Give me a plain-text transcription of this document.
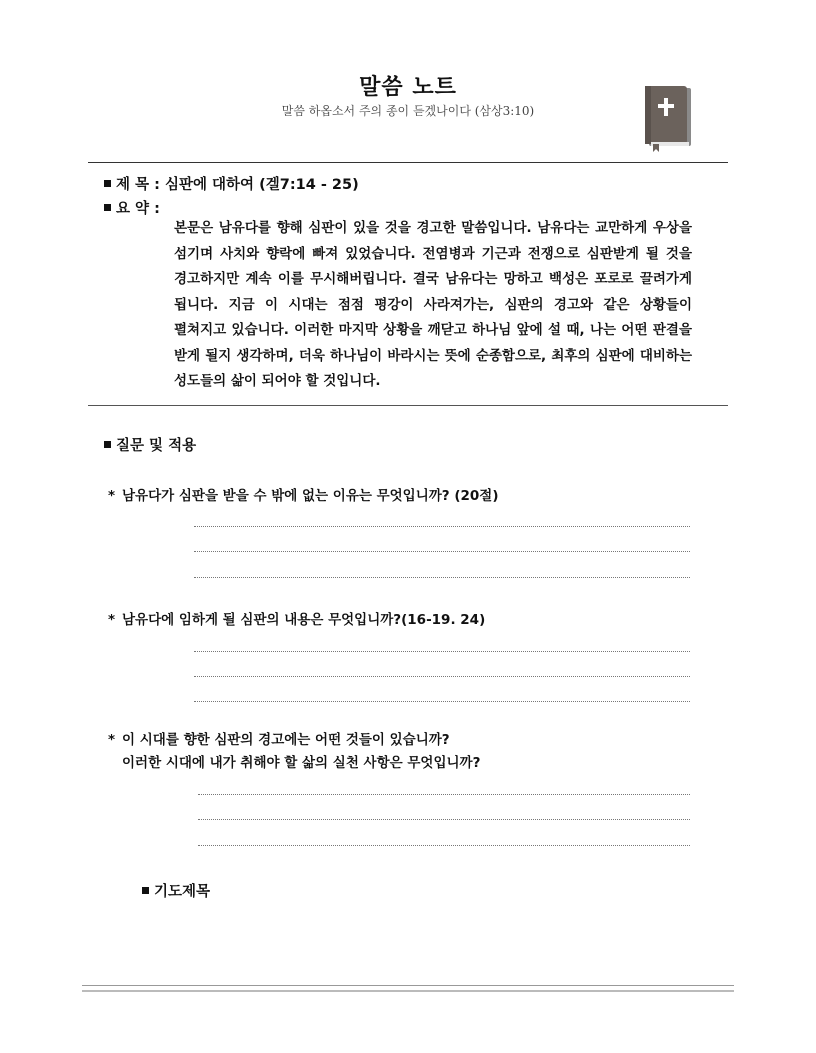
말씀 노트
말씀 하옵소서 주의 종이 듣겠나이다 (삼상3:10)
제 목 : 심판에 대하여 (겔7:14 - 25)
요 약 :
본문은 남유다를 향해 심판이 있을 것을 경고한 말씀입니다. 남유다는 교만하게 우상을 섬기며 사치와 향락에 빠져 있었습니다. 전염병과 기근과 전쟁으로 심판받게 될 것을 경고하지만 계속 이를 무시해버립니다. 결국 남유다는 망하고 백성은 포로로 끌려가게 됩니다. 지금 이 시대는 점점 평강이 사라져가는, 심판의 경고와 같은 상황들이 펼쳐지고 있습니다. 이러한 마지막 상황을 깨닫고 하나님 앞에 설 때, 나는 어떤 판결을 받게 될지 생각하며, 더욱 하나님이 바라시는 뜻에 순종함으로, 최후의 심판에 대비하는 성도들의 삶이 되어야 할 것입니다.
질문 및 적용
* 남유다가 심판을 받을 수 밖에 없는 이유는 무엇입니까? (20절)
* 남유다에 임하게 될 심판의 내용은 무엇입니까?(16-19. 24)
* 이 시대를 향한 심판의 경고에는 어떤 것들이 있습니까?
이러한 시대에 내가 취해야 할 삶의 실천 사항은 무엇입니까?
기도제목
